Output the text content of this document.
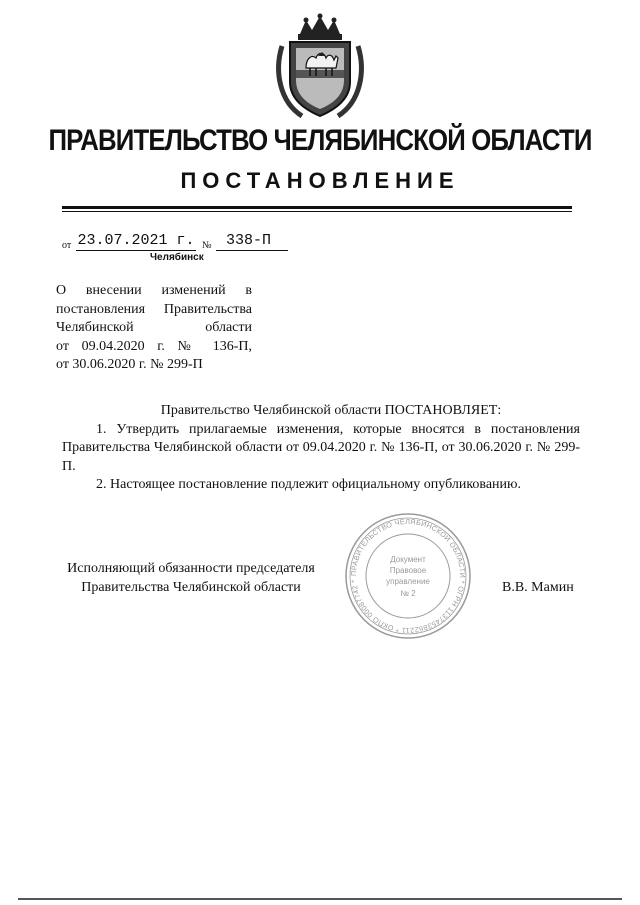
ПРАВИТЕЛЬСТВО ЧЕЛЯБИНСКОЙ ОБЛАСТИ
ПОСТАНОВЛЕНИЕ
от 23.07.2021 г. № 338-П
Челябинск
О внесении изменений в
постановления Правительства
Челябинской области
от 09.04.2020 г. № 136-П,
от 30.06.2020 г. № 299-П
Правительство Челябинской области ПОСТАНОВЛЯЕТ:
1. Утвердить прилагаемые изменения, которые вносятся в постановления Правительства Челябинской области от 09.04.2020 г. № 136-П, от 30.06.2020 г. № 299-П.
2. Настоящее постановление подлежит официальному опубликованию.
Исполняющий обязанности председателя
Правительства Челябинской области	В.В. Мамин
ПРАВИТЕЛЬСТВО ЧЕЛЯБИНСКОЙ ОБЛАСТИ * ОГРН 1137453862211 * ОКПО 00087742 *
Документ
Правовое
управление
№ 2
